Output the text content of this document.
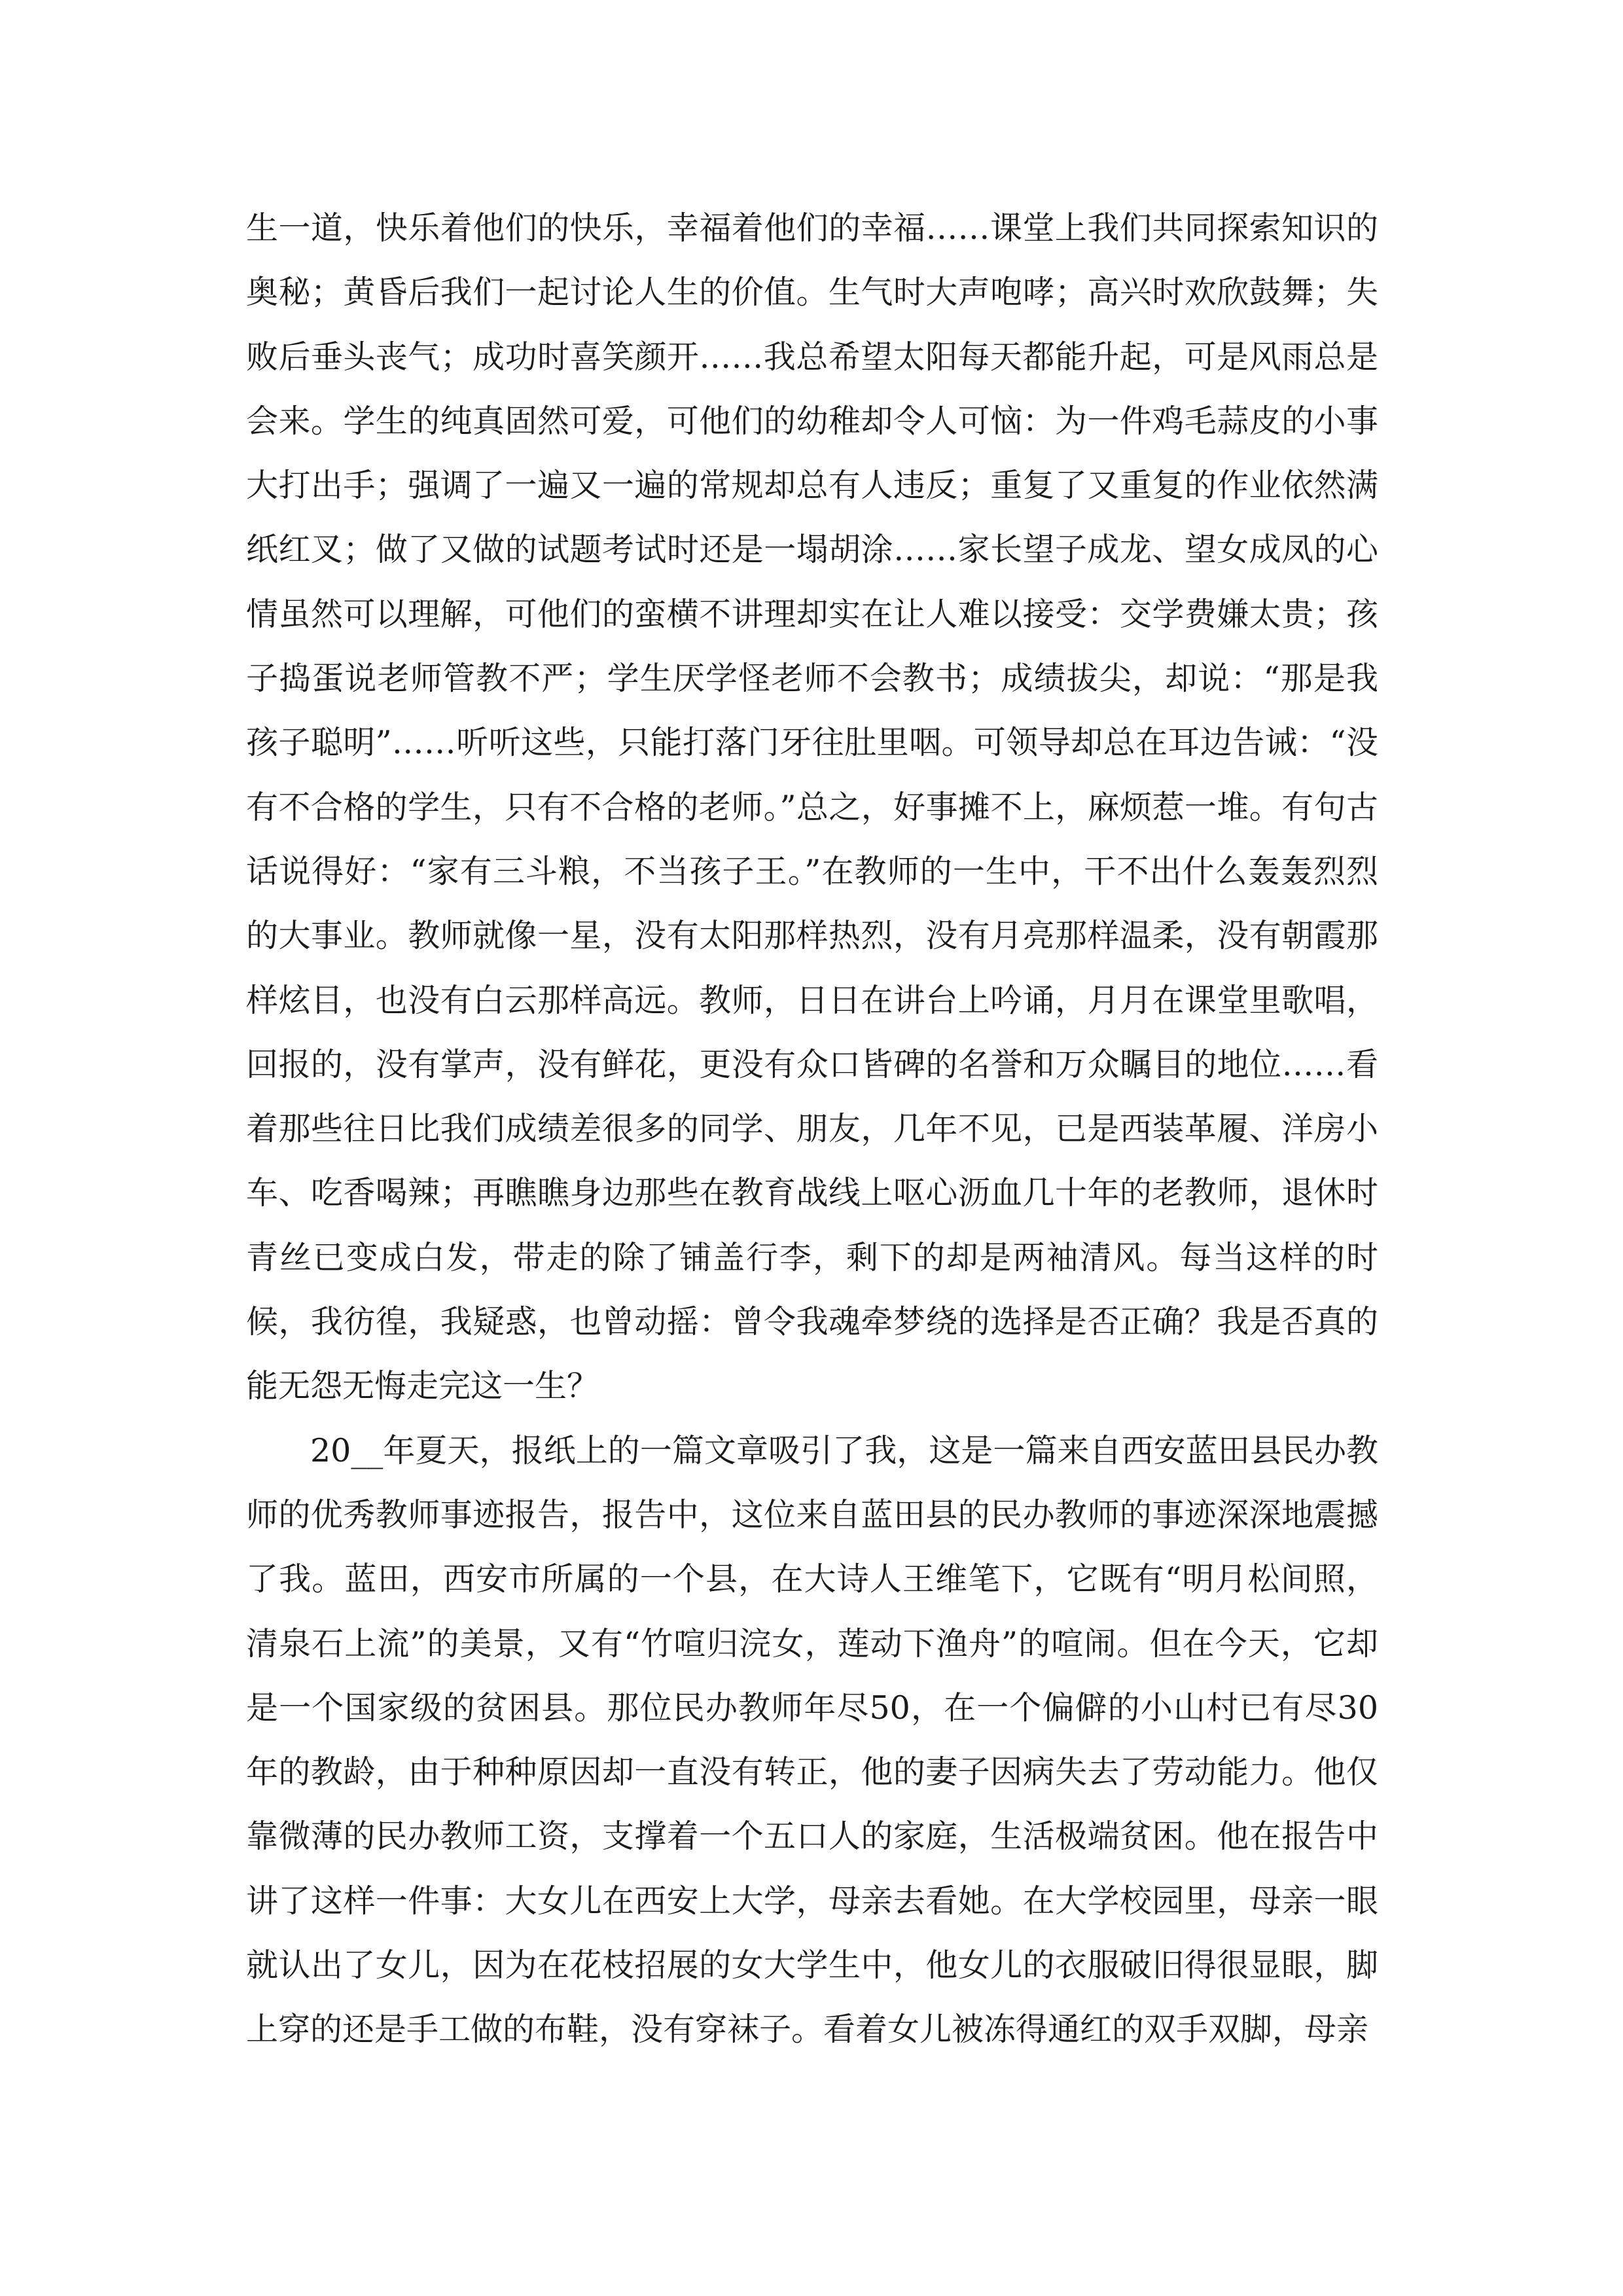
生一道，快乐着他们的快乐，幸福着他们的幸福……课堂上我们共同探索知识的奥秘；黄昏后我们一起讨论人生的价值。生气时大声咆哮；高兴时欢欣鼓舞；失败后垂头丧气；成功时喜笑颜开……我总希望太阳每天都能升起，可是风雨总是会来。学生的纯真固然可爱，可他们的幼稚却令人可恼：为一件鸡毛蒜皮的小事大打出手；强调了一遍又一遍的常规却总有人违反；重复了又重复的作业依然满纸红叉；做了又做的试题考试时还是一塌胡涂……家长望子成龙、望女成凤的心情虽然可以理解，可他们的蛮横不讲理却实在让人难以接受：交学费嫌太贵；孩子捣蛋说老师管教不严；学生厌学怪老师不会教书；成绩拔尖，却说：“那是我孩子聪明”……听听这些，只能打落门牙往肚里咽。可领导却总在耳边告诫：“没有不合格的学生，只有不合格的老师。”总之，好事摊不上，麻烦惹一堆。有句古话说得好：“家有三斗粮，不当孩子王。”在教师的一生中，干不出什么轰轰烈烈的大事业。教师就像一星，没有太阳那样热烈，没有月亮那样温柔，没有朝霞那样炫目，也没有白云那样高远。教师，日日在讲台上吟诵，月月在课堂里歌唱，回报的，没有掌声，没有鲜花，更没有众口皆碑的名誉和万众瞩目的地位……看着那些往日比我们成绩差很多的同学、朋友，几年不见，已是西装革履、洋房小车、吃香喝辣；再瞧瞧身边那些在教育战线上呕心沥血几十年的老教师，退休时青丝已变成白发，带走的除了铺盖行李，剩下的却是两袖清风。每当这样的时候，我彷徨，我疑惑，也曾动摇：曾令我魂牵梦绕的选择是否正确？我是否真的能无怨无悔走完这一生？

20__年夏天，报纸上的一篇文章吸引了我，这是一篇来自西安蓝田县民办教师的优秀教师事迹报告，报告中，这位来自蓝田县的民办教师的事迹深深地震撼了我。蓝田，西安市所属的一个县，在大诗人王维笔下，它既有“明月松间照，清泉石上流”的美景，又有“竹喧归浣女，莲动下渔舟”的喧闹。但在今天，它却是一个国家级的贫困县。那位民办教师年尽50，在一个偏僻的小山村已有尽30年的教龄，由于种种原因却一直没有转正，他的妻子因病失去了劳动能力。他仅靠微薄的民办教师工资，支撑着一个五口人的家庭，生活极端贫困。他在报告中讲了这样一件事：大女儿在西安上大学，母亲去看她。在大学校园里，母亲一眼就认出了女儿，因为在花枝招展的女大学生中，他女儿的衣服破旧得很显眼，脚上穿的还是手工做的布鞋，没有穿袜子。看着女儿被冻得通红的双手双脚，母亲
